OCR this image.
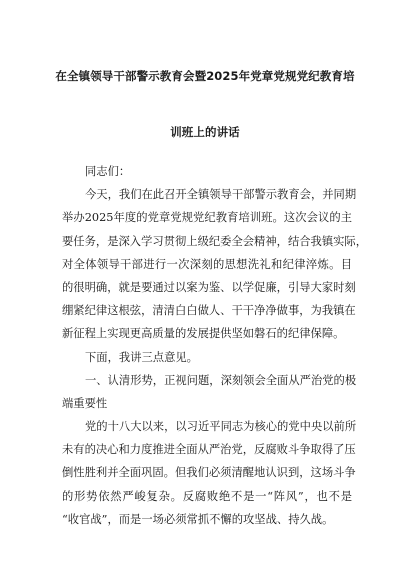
在全镇领导干部警示教育会暨2025年党章党规党纪教育培
训班上的讲话
同志们：
今天，我们在此召开全镇领导干部警示教育会，并同期
举办2025年度的党章党规党纪教育培训班。这次会议的主
要任务，是深入学习贯彻上级纪委全会精神，结合我镇实际，
对全体领导干部进行一次深刻的思想洗礼和纪律淬炼。目
的很明确，就是要通过以案为鉴、以学促廉，引导大家时刻
绷紧纪律这根弦，清清白白做人、干干净净做事，为我镇在
新征程上实现更高质量的发展提供坚如磐石的纪律保障。
下面，我讲三点意见。
一、认清形势，正视问题，深刻领会全面从严治党的极
端重要性
党的十八大以来，以习近平同志为核心的党中央以前所
未有的决心和力度推进全面从严治党，反腐败斗争取得了压
倒性胜利并全面巩固。但我们必须清醒地认识到，这场斗争
的形势依然严峻复杂。反腐败绝不是一“阵风”，也不是
“收官战”，而是一场必须常抓不懈的攻坚战、持久战。
